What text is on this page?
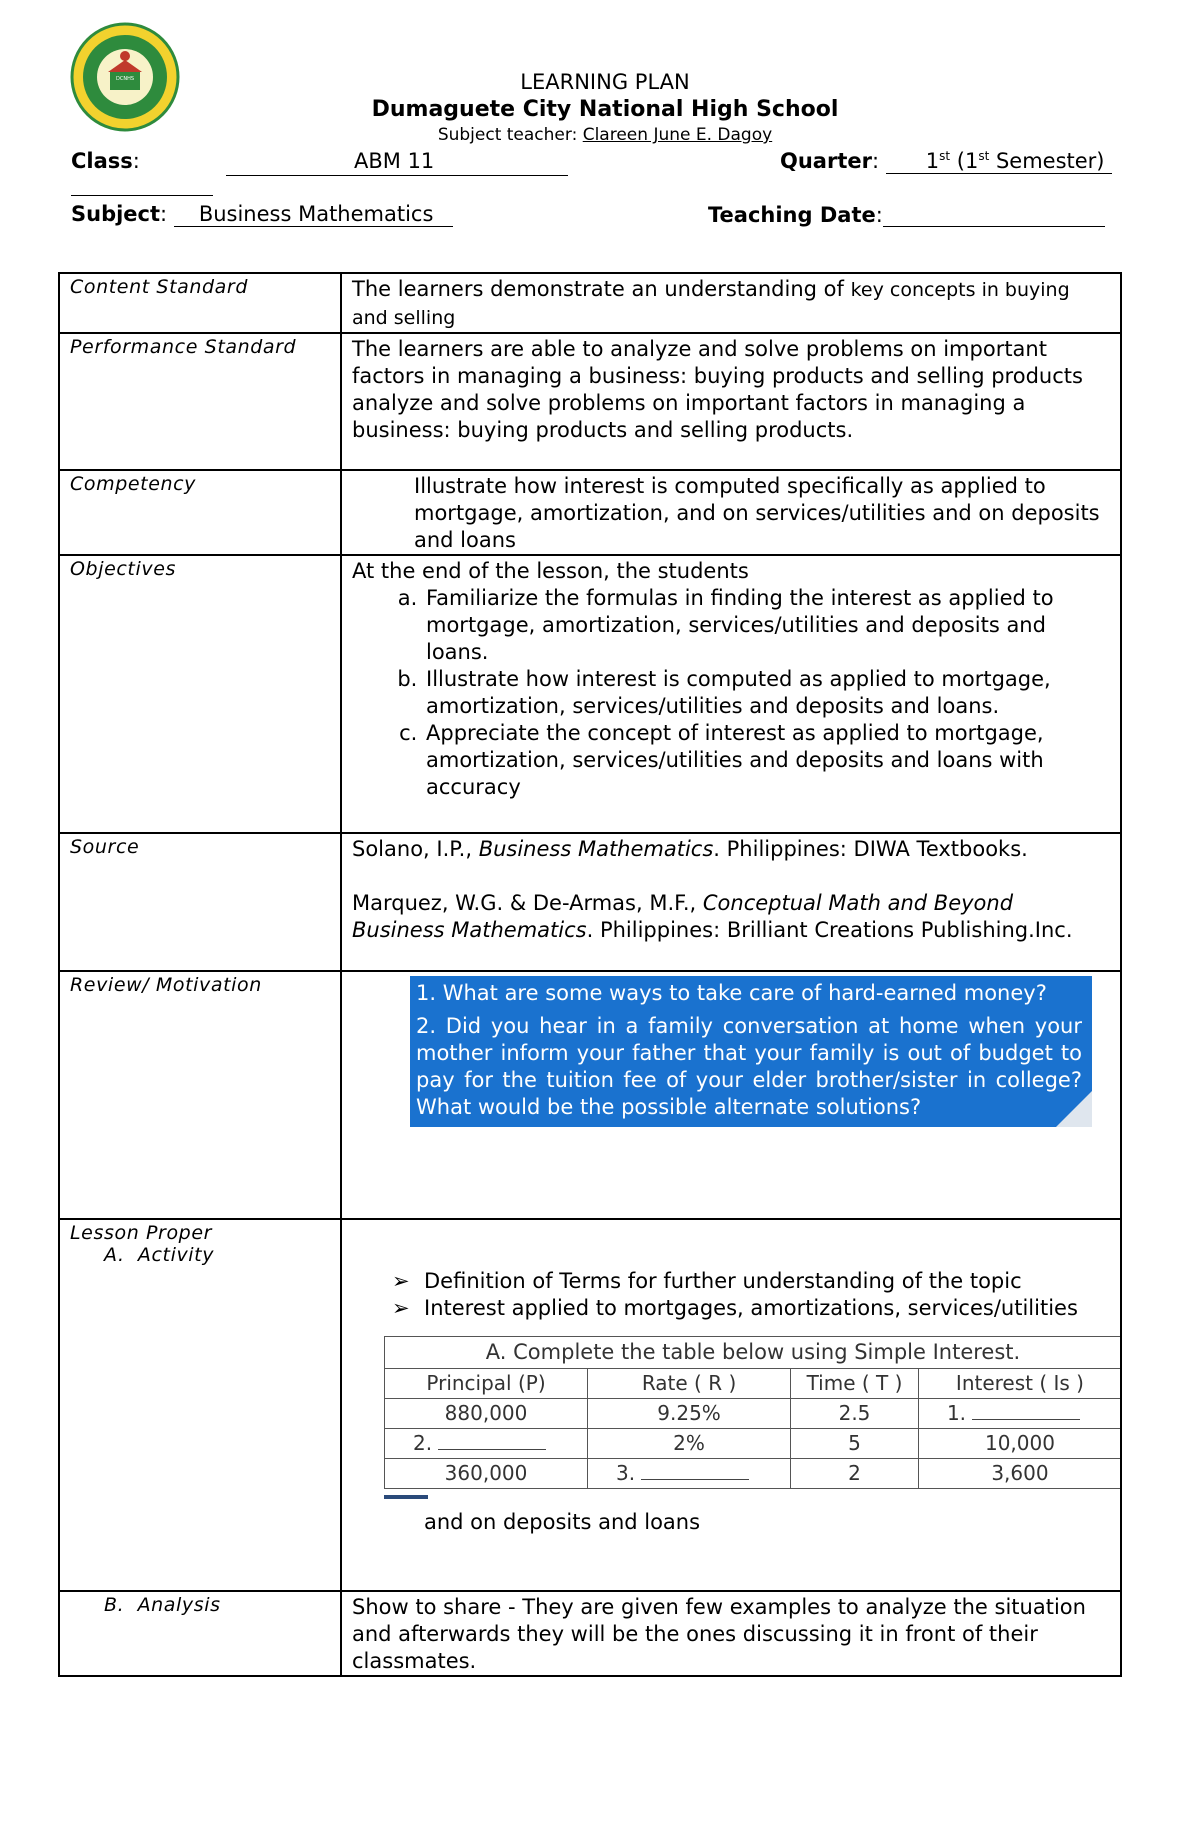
DCNHS	LEARNING PLAN
Dumaguete City National High School
Subject teacher: Clareen June E. Dagoy
Class:	ABM 11	Quarter: 1st (1st Semester)
Subject: Business Mathematics	Teaching Date:
Content Standard	The learners demonstrate an understanding of key concepts in buying and selling
Performance Standard	The learners are able to analyze and solve problems on important factors in managing a business: buying products and selling products analyze and solve problems on important factors in managing a business: buying products and selling products.
Competency	Illustrate how interest is computed specifically as applied to mortgage, amortization, and on services/utilities and on deposits and loans
Objectives	At the end of the lesson, the students
a. Familiarize the formulas in finding the interest as applied to mortgage, amortization, services/utilities and deposits and loans.
b. Illustrate how interest is computed as applied to mortgage, amortization, services/utilities and deposits and loans.
c. Appreciate the concept of interest as applied to mortgage, amortization, services/utilities and deposits and loans with accuracy

Source	Solano, I.P., Business Mathematics. Philippines: DIWA Textbooks.
Marquez, W.G. & De-Armas, M.F., Conceptual Math and Beyond Business Mathematics. Philippines: Brilliant Creations Publishing.Inc.

Review/ Motivation	1. What are some ways to take care of hard-earned money?

2. Did you hear in a family conversation at home when your mother inform your father that your family is out of budget to pay for the tuition fee of your elder brother/sister in college? What would be the possible alternate solutions?

Lesson Proper
A. Activity

➢ Definition of Terms for further understanding of the topic
➢ Interest applied to mortgages, amortizations, services/utilities
A. Complete the table below using Simple Interest.
Principal (P)	Rate ( R )	Time ( T )	Interest ( Is )
880,000	9.25%	2.5	1.
2.	2%	5	10,000
360,000	3.	2	3,600
and on deposits and loans

B. Analysis	Show to share - They are given few examples to analyze the situation and afterwards they will be the ones discussing it in front of their classmates.
